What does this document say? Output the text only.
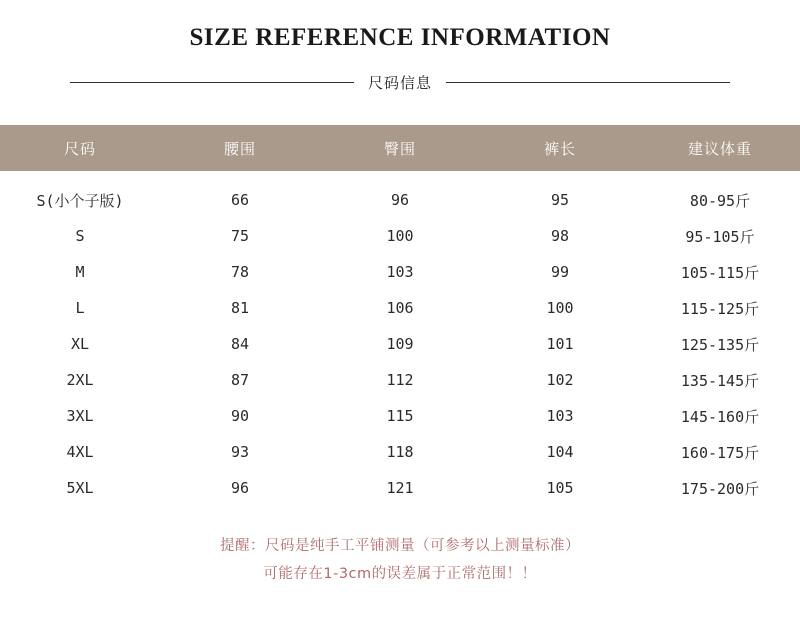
SIZE REFERENCE INFORMATION
尺码信息
尺码	腰围	臀围	裤长	建议体重
S(小个子版)	66	96	95	80-95斤
S	75	100	98	95-105斤
M	78	103	99	105-115斤
L	81	106	100	115-125斤
XL	84	109	101	125-135斤
2XL	87	112	102	135-145斤
3XL	90	115	103	145-160斤
4XL	93	118	104	160-175斤
5XL	96	121	105	175-200斤
提醒：尺码是纯手工平铺测量（可参考以上测量标准）
可能存在1-3cm的误差属于正常范围！！
